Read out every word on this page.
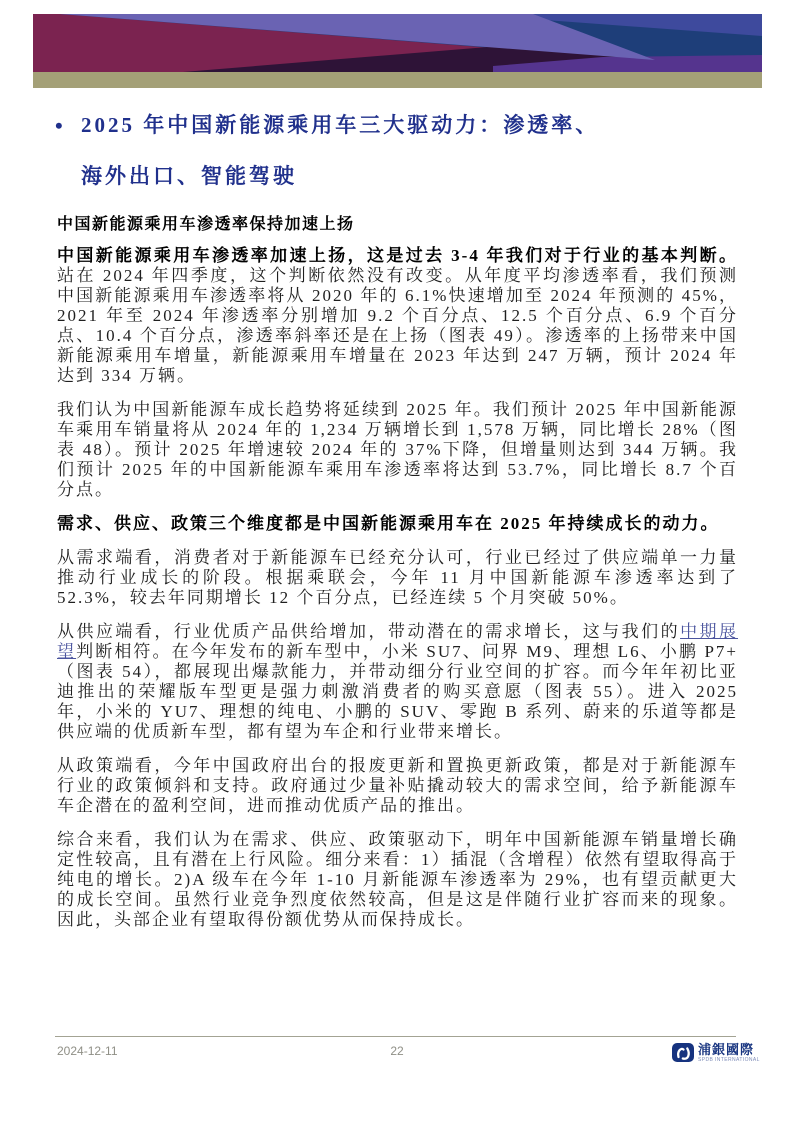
• 2025 年中国新能源乘用车三大驱动力：渗透率、
海外出口、智能驾驶
中国新能源乘用车渗透率保持加速上扬

中国新能源乘用车渗透率加速上扬，这是过去 3-4 年我们对于行业的基本判断。站在 2024 年四季度，这个判断依然没有改变。从年度平均渗透率看，我们预测中国新能源乘用车渗透率将从 2020 年的 6.1%快速增加至 2024 年预测的 45%，2021 年至 2024 年渗透率分别增加 9.2 个百分点、12.5 个百分点、6.9 个百分点、10.4 个百分点，渗透率斜率还是在上扬（图表 49）。渗透率的上扬带来中国新能源乘用车增量，新能源乘用车增量在 2023 年达到 247 万辆，预计 2024 年达到 334 万辆。

我们认为中国新能源车成长趋势将延续到 2025 年。我们预计 2025 年中国新能源车乘用车销量将从 2024 年的 1,234 万辆增长到 1,578 万辆，同比增长 28%（图表 48）。预计 2025 年增速较 2024 年的 37%下降，但增量则达到 344 万辆。我们预计 2025 年的中国新能源车乘用车渗透率将达到 53.7%，同比增长 8.7 个百分点。

需求、供应、政策三个维度都是中国新能源乘用车在 2025 年持续成长的动力。

从需求端看，消费者对于新能源车已经充分认可，行业已经过了供应端单一力量推动行业成长的阶段。根据乘联会，今年 11 月中国新能源车渗透率达到了 52.3%，较去年同期增长 12 个百分点，已经连续 5 个月突破 50%。

从供应端看，行业优质产品供给增加，带动潜在的需求增长，这与我们的中期展望判断相符。在今年发布的新车型中，小米 SU7、问界 M9、理想 L6、小鹏 P7+（图表 54），都展现出爆款能力，并带动细分行业空间的扩容。而今年年初比亚迪推出的荣耀版车型更是强力刺激消费者的购买意愿（图表 55）。进入 2025 年，小米的 YU7、理想的纯电、小鹏的 SUV、零跑 B 系列、蔚来的乐道等都是供应端的优质新车型，都有望为车企和行业带来增长。

从政策端看，今年中国政府出台的报废更新和置换更新政策，都是对于新能源车行业的政策倾斜和支持。政府通过少量补贴撬动较大的需求空间，给予新能源车车企潜在的盈利空间，进而推动优质产品的推出。

综合来看，我们认为在需求、供应、政策驱动下，明年中国新能源车销量增长确定性较高，且有潜在上行风险。细分来看：1）插混（含增程）依然有望取得高于纯电的增长。2)A 级车在今年 1-10 月新能源车渗透率为 29%，也有望贡献更大的成长空间。虽然行业竞争烈度依然较高，但是这是伴随行业扩容而来的现象。因此，头部企业有望取得份额优势从而保持成长。

2024-12-11	22	浦銀國際
SPDB INTERNATIONAL
